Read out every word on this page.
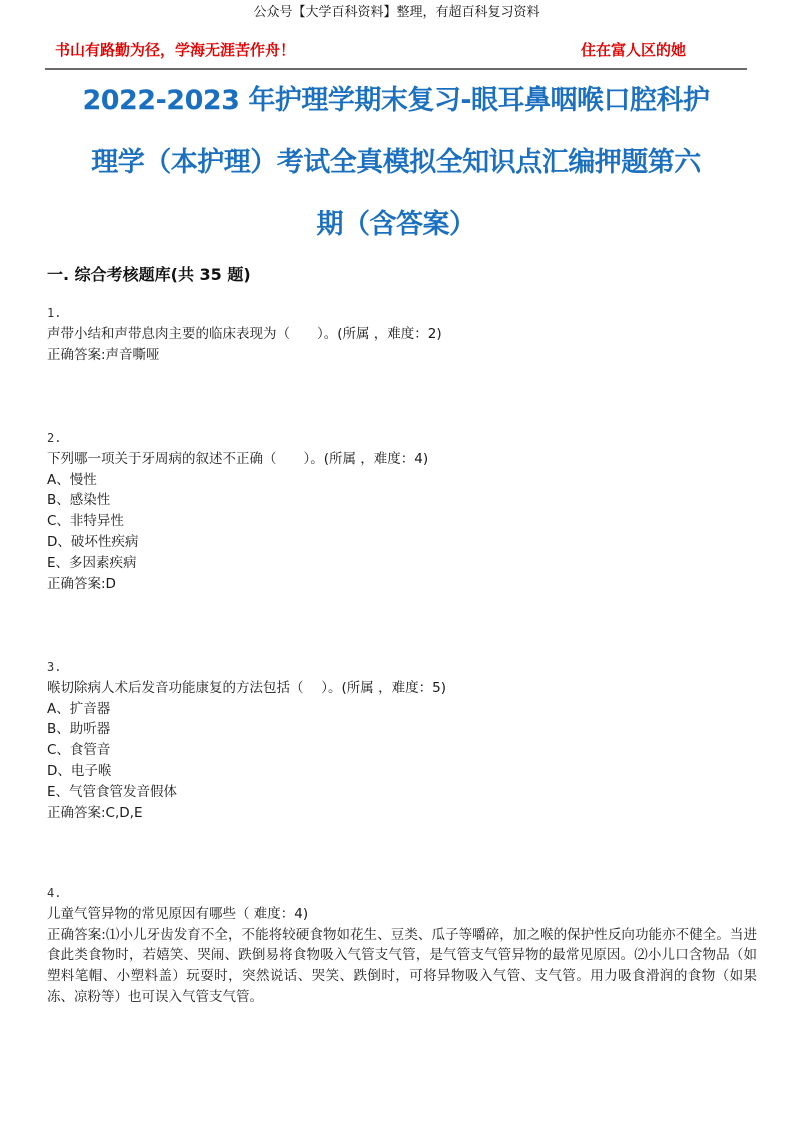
公众号【大学百科资料】整理，有超百科复习资料
书山有路勤为径，学海无涯苦作舟！	住在富人区的她
2022-2023 年护理学期末复习-眼耳鼻咽喉口腔科护
理学（本护理）考试全真模拟全知识点汇编押题第六
期（含答案）
一. 综合考核题库(共 35 题)
1.
声带小结和声带息肉主要的临床表现为（　　）。(所属 ，难度：2)
正确答案:声音嘶哑
2.
下列哪一项关于牙周病的叙述不正确（　　）。(所属 ，难度：4)
A、慢性
B、感染性
C、非特异性
D、破坏性疾病
E、多因素疾病
正确答案:D
3.
喉切除病人术后发音功能康复的方法包括（　 ）。(所属 ，难度：5)
A、扩音器
B、助听器
C、食管音
D、电子喉
E、气管食管发音假体
正确答案:C,D,E
4.
儿童气管异物的常见原因有哪些（ 难度：4)
正确答案:⑴小儿牙齿发育不全，不能将较硬食物如花生、豆类、瓜子等嚼碎，加之喉的保护性反向功能亦不健全。当进食此类食物时，若嬉笑、哭闹、跌倒易将食物吸入气管支气管，是气管支气管异物的最常见原因。⑵小儿口含物品（如塑料笔帽、小塑料盖）玩耍时，突然说话、哭笑、跌倒时，可将异物吸入气管、支气管。用力吸食滑润的食物（如果冻、凉粉等）也可误入气管支气管。
